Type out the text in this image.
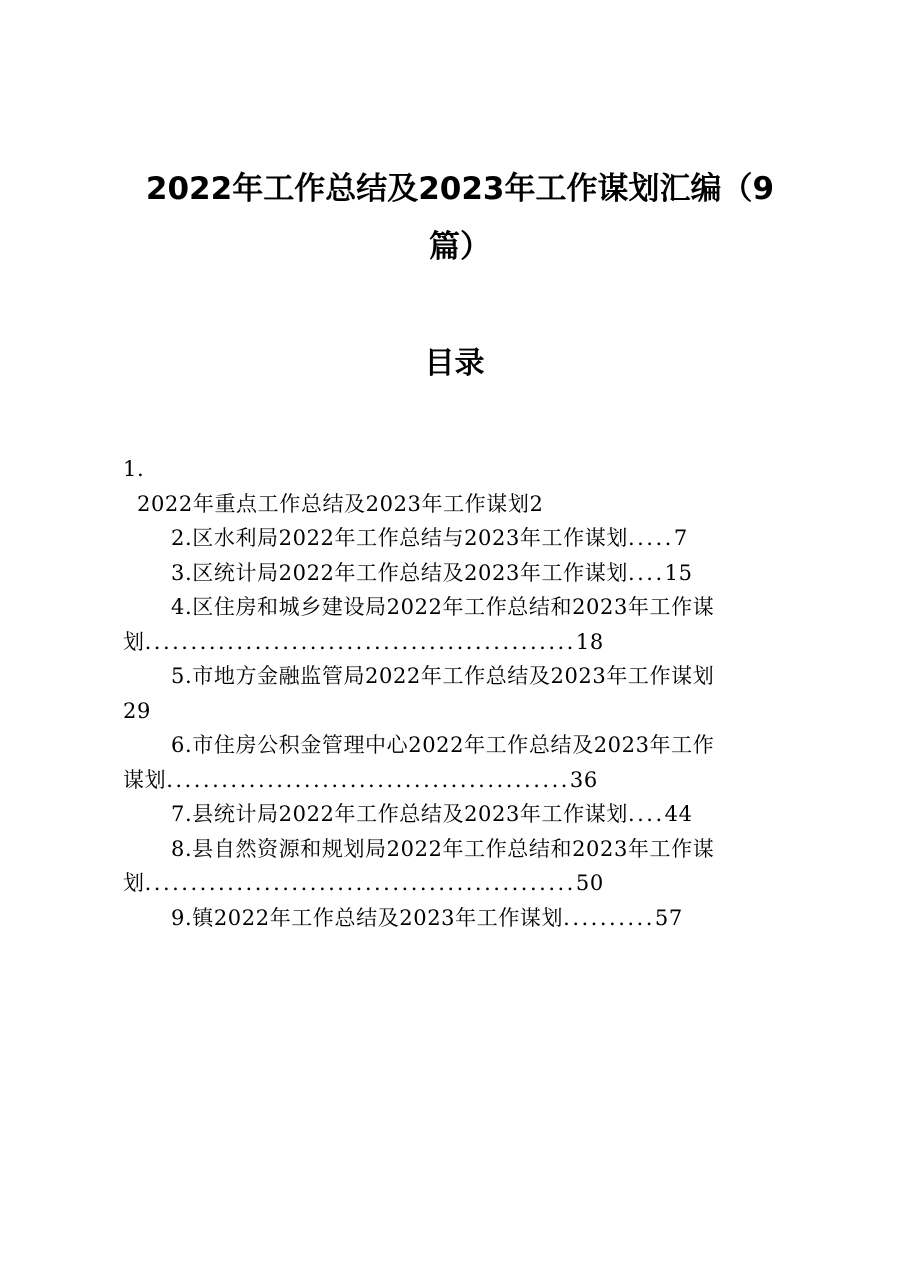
2022年工作总结及2023年工作谋划汇编（9
篇）
目录
1.
2022年重点工作总结及2023年工作谋划2
2.区水利局2022年工作总结与2023年工作谋划.....7
3.区统计局2022年工作总结及2023年工作谋划....15
4.区住房和城乡建设局2022年工作总结和2023年工作谋
划...............................................18
5.市地方金融监管局2022年工作总结及2023年工作谋划
29
6.市住房公积金管理中心2022年工作总结及2023年工作
谋划............................................36
7.县统计局2022年工作总结及2023年工作谋划....44
8.县自然资源和规划局2022年工作总结和2023年工作谋
划...............................................50
9.镇2022年工作总结及2023年工作谋划..........57
